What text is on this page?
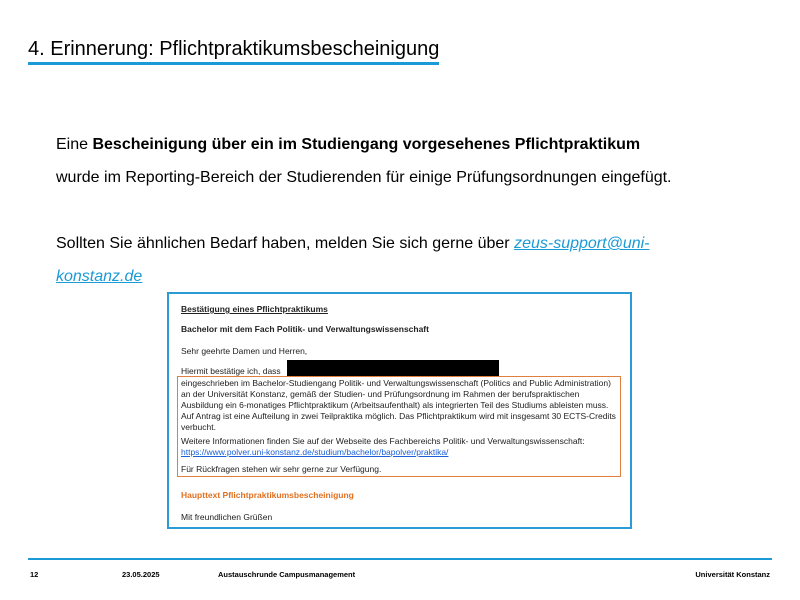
4. Erinnerung: Pflichtpraktikumsbescheinigung

Eine Bescheinigung über ein im Studiengang vorgesehenes Pflichtpraktikum

wurde im Reporting-Bereich der Studierenden für einige Prüfungsordnungen eingefügt.

Sollten Sie ähnlichen Bedarf haben, melden Sie sich gerne über zeus-support@uni-

konstanz.de

Bestätigung eines Pflichtpraktikums
Bachelor mit dem Fach Politik- und Verwaltungswissenschaft
Sehr geehrte Damen und Herren,
Hiermit bestätige ich, dass
eingeschrieben im Bachelor-Studiengang Politik- und Verwaltungswissenschaft (Politics and Public Administration) an der Universität Konstanz, gemäß der Studien- und Prüfungsordnung im Rahmen der berufspraktischen Ausbildung ein 6-monatiges Pflichtpraktikum (Arbeitsaufenthalt) als integrierten Teil des Studiums ableisten muss. Auf Antrag ist eine Aufteilung in zwei Teilpraktika möglich. Das Pflichtpraktikum wird mit insgesamt 30 ECTS-Credits verbucht.
Weitere Informationen finden Sie auf der Webseite des Fachbereichs Politik- und Verwaltungswissenschaft:
https://www.polver.uni-konstanz.de/studium/bachelor/bapolver/praktika/
Für Rückfragen stehen wir sehr gerne zur Verfügung.
Haupttext Pflichtpraktikumsbescheinigung
Mit freundlichen Grüßen
12	23.05.2025	Austauschrunde Campusmanagement	Universität Konstanz
